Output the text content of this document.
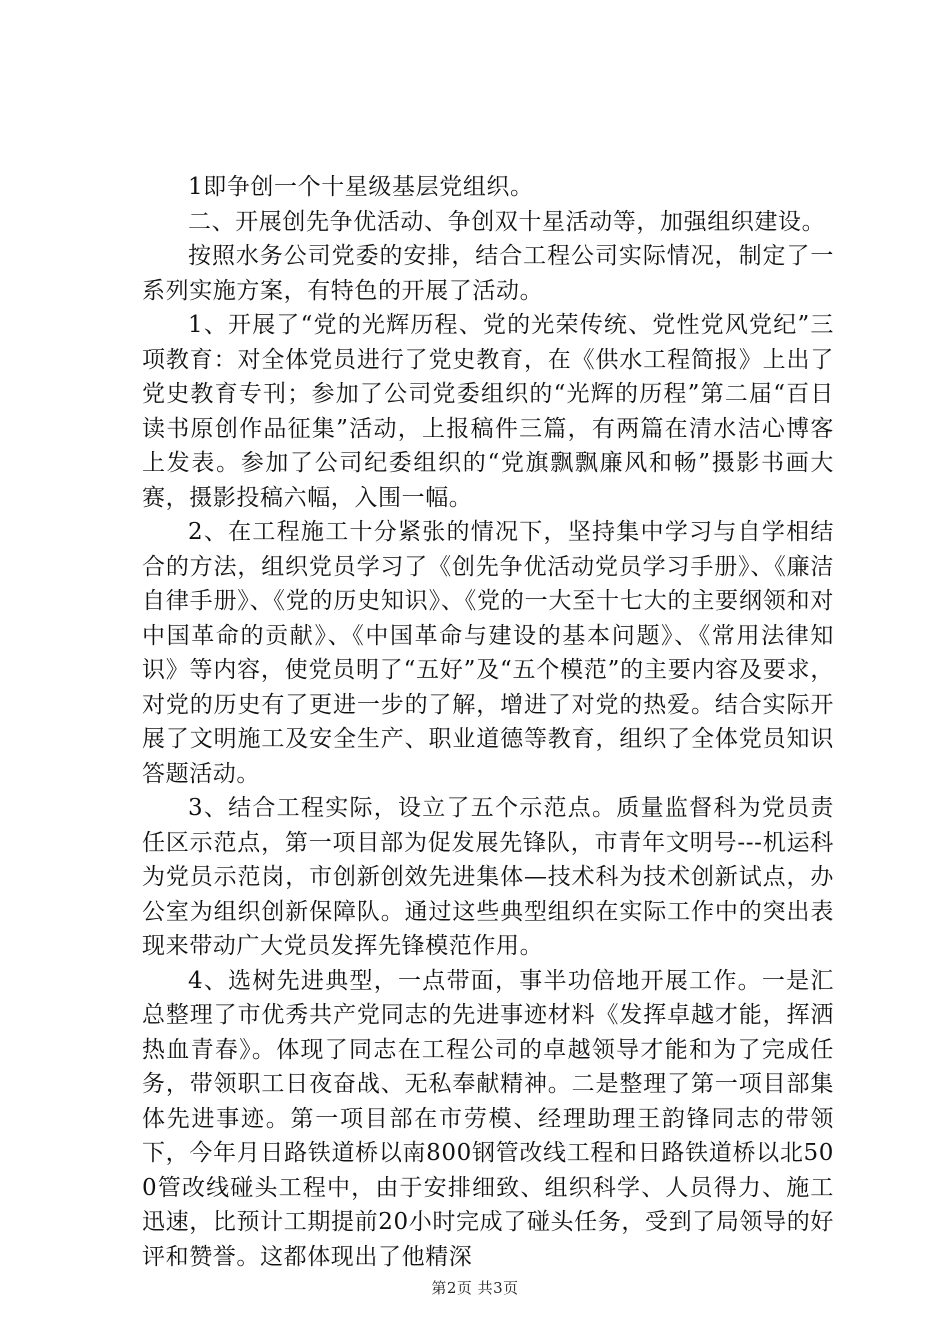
1即争创一个十星级基层党组织。

二、开展创先争优活动、争创双十星活动等，加强组织建设。

按照水务公司党委的安排，结合工程公司实际情况，制定了一系列实施方案，有特色的开展了活动。

1、开展了“党的光辉历程、党的光荣传统、党性党风党纪”三项教育：对全体党员进行了党史教育，在《供水工程简报》上出了党史教育专刊；参加了公司党委组织的“光辉的历程”第二届“百日读书原创作品征集”活动，上报稿件三篇，有两篇在清水洁心博客上发表。参加了公司纪委组织的“党旗飘飘廉风和畅”摄影书画大赛，摄影投稿六幅，入围一幅。

2、在工程施工十分紧张的情况下，坚持集中学习与自学相结合的方法，组织党员学习了《创先争优活动党员学习手册》、《廉洁自律手册》、《党的历史知识》、《党的一大至十七大的主要纲领和对中国革命的贡献》、《中国革命与建设的基本问题》、《常用法律知识》等内容，使党员明了“五好”及“五个模范”的主要内容及要求，对党的历史有了更进一步的了解，增进了对党的热爱。结合实际开展了文明施工及安全生产、职业道德等教育，组织了全体党员知识答题活动。

3、结合工程实际，设立了五个示范点。质量监督科为党员责任区示范点，第一项目部为促发展先锋队，市青年文明号---机运科为党员示范岗，市创新创效先进集体—技术科为技术创新试点，办公室为组织创新保障队。通过这些典型组织在实际工作中的突出表现来带动广大党员发挥先锋模范作用。

4、选树先进典型，一点带面，事半功倍地开展工作。一是汇总整理了市优秀共产党同志的先进事迹材料《发挥卓越才能，挥洒热血青春》。体现了同志在工程公司的卓越领导才能和为了完成任务，带领职工日夜奋战、无私奉献精神。二是整理了第一项目部集体先进事迹。第一项目部在市劳模、经理助理王韵锋同志的带领下，今年月日路铁道桥以南800钢管改线工程和日路铁道桥以北500管改线碰头工程中，由于安排细致、组织科学、人员得力、施工迅速，比预计工期提前20小时完成了碰头任务，受到了局领导的好评和赞誉。这都体现出了他精深

第2页 共3页
